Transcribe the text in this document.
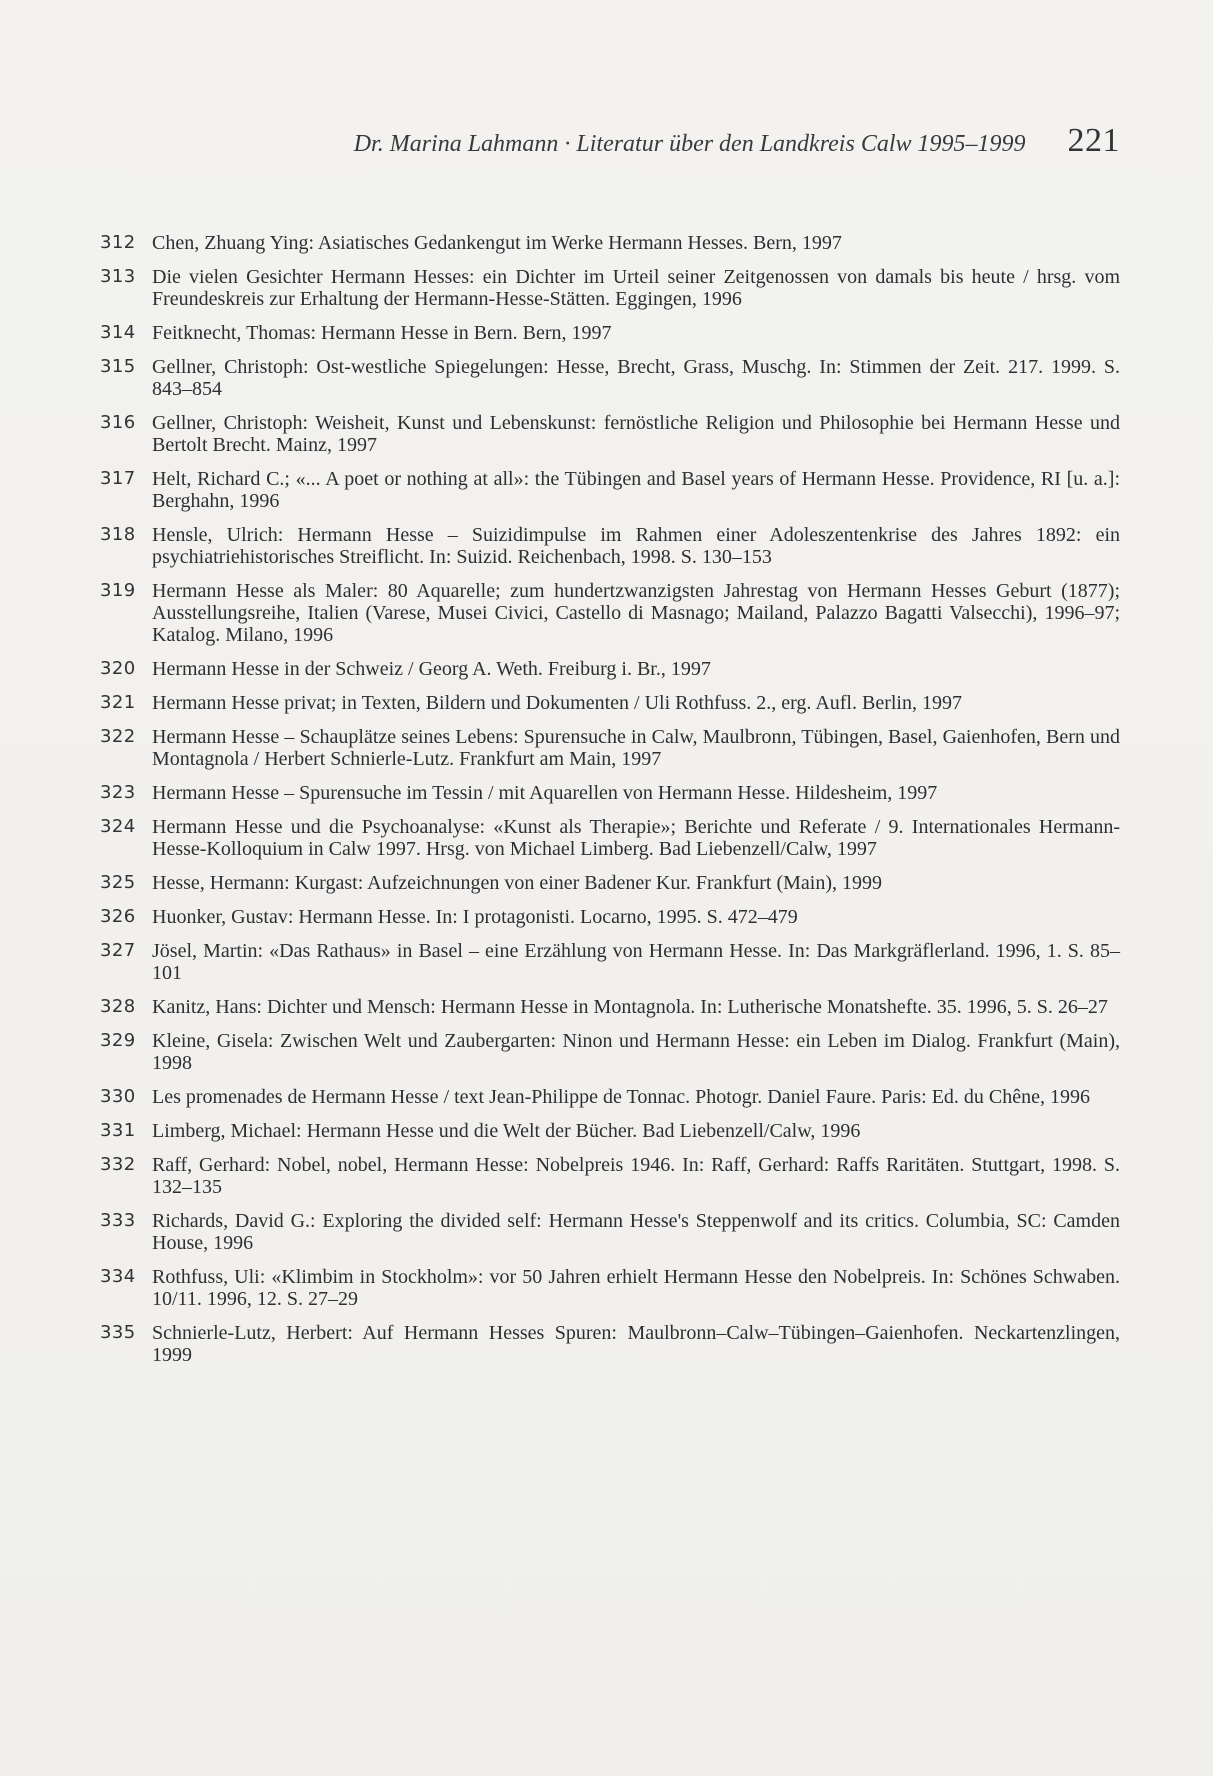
Dr. Marina Lahmann · Literatur über den Landkreis Calw 1995–1999 221
312 Chen, Zhuang Ying: Asiatisches Gedankengut im Werke Hermann Hesses. Bern, 1997
313 Die vielen Gesichter Hermann Hesses: ein Dichter im Urteil seiner Zeitgenossen von damals bis heute / hrsg. vom Freundeskreis zur Erhaltung der Hermann-Hesse-Stätten. Eggingen, 1996
314 Feitknecht, Thomas: Hermann Hesse in Bern. Bern, 1997
315 Gellner, Christoph: Ost-westliche Spiegelungen: Hesse, Brecht, Grass, Muschg. In: Stimmen der Zeit. 217. 1999. S. 843–854
316 Gellner, Christoph: Weisheit, Kunst und Lebenskunst: fernöstliche Religion und Philosophie bei Hermann Hesse und Bertolt Brecht. Mainz, 1997
317 Helt, Richard C.; «... A poet or nothing at all»: the Tübingen and Basel years of Hermann Hesse. Providence, RI [u. a.]: Berghahn, 1996
318 Hensle, Ulrich: Hermann Hesse – Suizidimpulse im Rahmen einer Adoleszentenkrise des Jahres 1892: ein psychiatriehistorisches Streiflicht. In: Suizid. Reichenbach, 1998. S. 130–153
319 Hermann Hesse als Maler: 80 Aquarelle; zum hundertzwanzigsten Jahrestag von Hermann Hesses Geburt (1877); Ausstellungsreihe, Italien (Varese, Musei Civici, Castello di Masnago; Mailand, Palazzo Bagatti Valsecchi), 1996–97; Katalog. Milano, 1996
320 Hermann Hesse in der Schweiz / Georg A. Weth. Freiburg i. Br., 1997
321 Hermann Hesse privat; in Texten, Bildern und Dokumenten / Uli Rothfuss. 2., erg. Aufl. Berlin, 1997
322 Hermann Hesse – Schauplätze seines Lebens: Spurensuche in Calw, Maulbronn, Tübingen, Basel, Gaienhofen, Bern und Montagnola / Herbert Schnierle-Lutz. Frankfurt am Main, 1997
323 Hermann Hesse – Spurensuche im Tessin / mit Aquarellen von Hermann Hesse. Hildesheim, 1997
324 Hermann Hesse und die Psychoanalyse: «Kunst als Therapie»; Berichte und Referate / 9. Internationales Hermann-Hesse-Kolloquium in Calw 1997. Hrsg. von Michael Limberg. Bad Liebenzell/Calw, 1997
325 Hesse, Hermann: Kurgast: Aufzeichnungen von einer Badener Kur. Frankfurt (Main), 1999
326 Huonker, Gustav: Hermann Hesse. In: I protagonisti. Locarno, 1995. S. 472–479
327 Jösel, Martin: «Das Rathaus» in Basel – eine Erzählung von Hermann Hesse. In: Das Markgräflerland. 1996, 1. S. 85–101
328 Kanitz, Hans: Dichter und Mensch: Hermann Hesse in Montagnola. In: Lutherische Monatshefte. 35. 1996, 5. S. 26–27
329 Kleine, Gisela: Zwischen Welt und Zaubergarten: Ninon und Hermann Hesse: ein Leben im Dialog. Frankfurt (Main), 1998
330 Les promenades de Hermann Hesse / text Jean-Philippe de Tonnac. Photogr. Daniel Faure. Paris: Ed. du Chêne, 1996
331 Limberg, Michael: Hermann Hesse und die Welt der Bücher. Bad Liebenzell/Calw, 1996
332 Raff, Gerhard: Nobel, nobel, Hermann Hesse: Nobelpreis 1946. In: Raff, Gerhard: Raffs Raritäten. Stuttgart, 1998. S. 132–135
333 Richards, David G.: Exploring the divided self: Hermann Hesse's Steppenwolf and its critics. Columbia, SC: Camden House, 1996
334 Rothfuss, Uli: «Klimbim in Stockholm»: vor 50 Jahren erhielt Hermann Hesse den Nobelpreis. In: Schönes Schwaben. 10/11. 1996, 12. S. 27–29
335 Schnierle-Lutz, Herbert: Auf Hermann Hesses Spuren: Maulbronn–Calw–Tübingen–Gaienhofen. Neckartenzlingen, 1999
